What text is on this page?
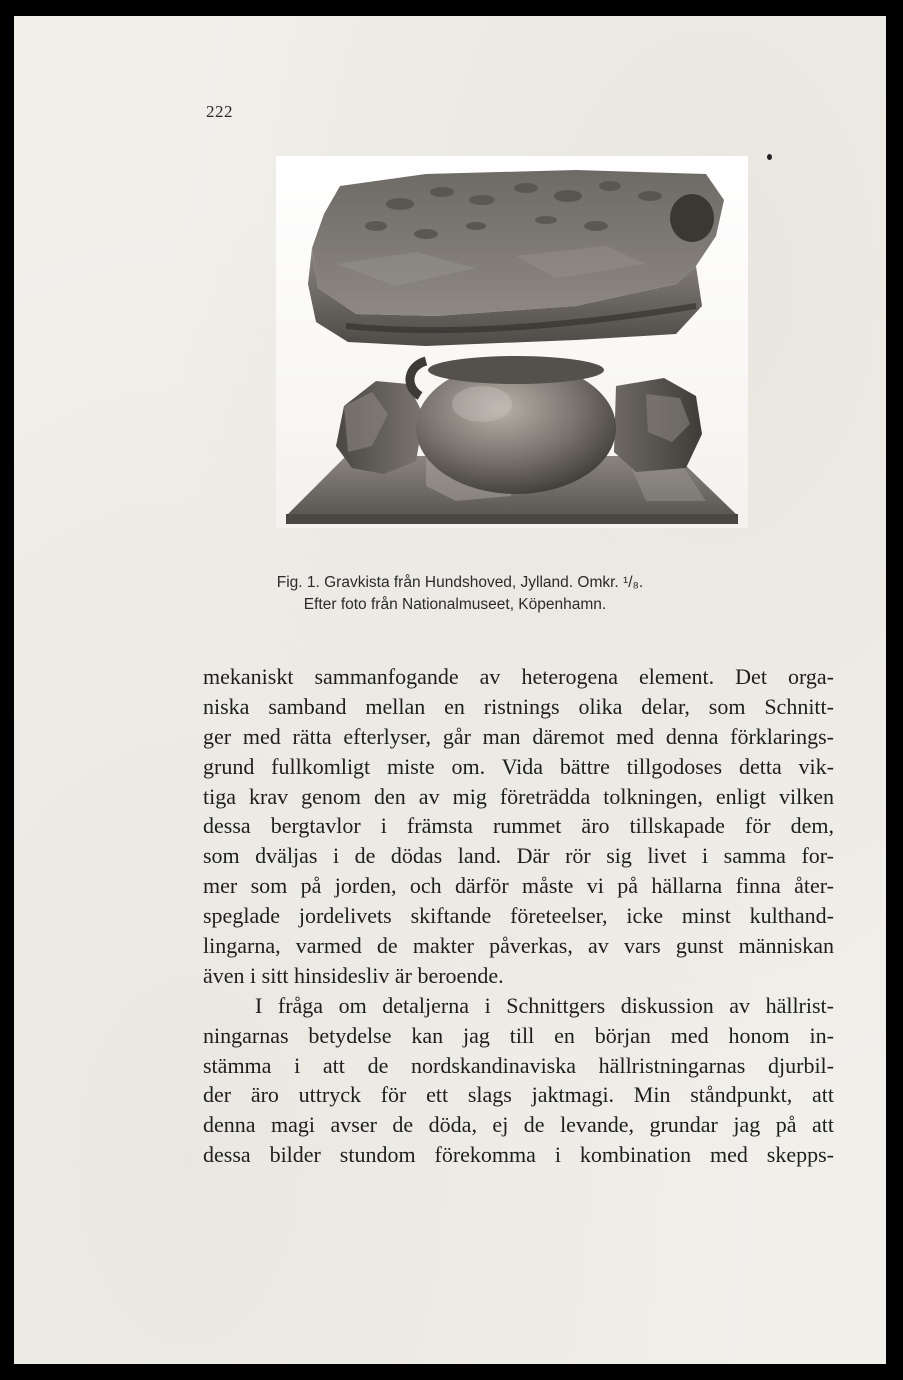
222
Fig. 1. Gravkista från Hundshoved, Jylland. Omkr. ¹/₈.
Efter foto från Nationalmuseet, Köpenhamn.
mekaniskt sammanfogande av heterogena element. Det orga-
niska samband mellan en ristnings olika delar, som Schnitt-
ger med rätta efterlyser, går man däremot med denna förklarings-
grund fullkomligt miste om. Vida bättre tillgodoses detta vik-
tiga krav genom den av mig företrädda tolkningen, enligt vilken
dessa bergtavlor i främsta rummet äro tillskapade för dem,
som dväljas i de dödas land. Där rör sig livet i samma for-
mer som på jorden, och därför måste vi på hällarna finna åter-
speglade jordelivets skiftande företeelser, icke minst kulthand-
lingarna, varmed de makter påverkas, av vars gunst människan
även i sitt hinsidesliv är beroende.
I fråga om detaljerna i Schnittgers diskussion av hällrist-
ningarnas betydelse kan jag till en början med honom in-
stämma i att de nordskandinaviska hällristningarnas djurbil-
der äro uttryck för ett slags jaktmagi. Min ståndpunkt, att
denna magi avser de döda, ej de levande, grundar jag på att
dessa bilder stundom förekomma i kombination med skepps-
